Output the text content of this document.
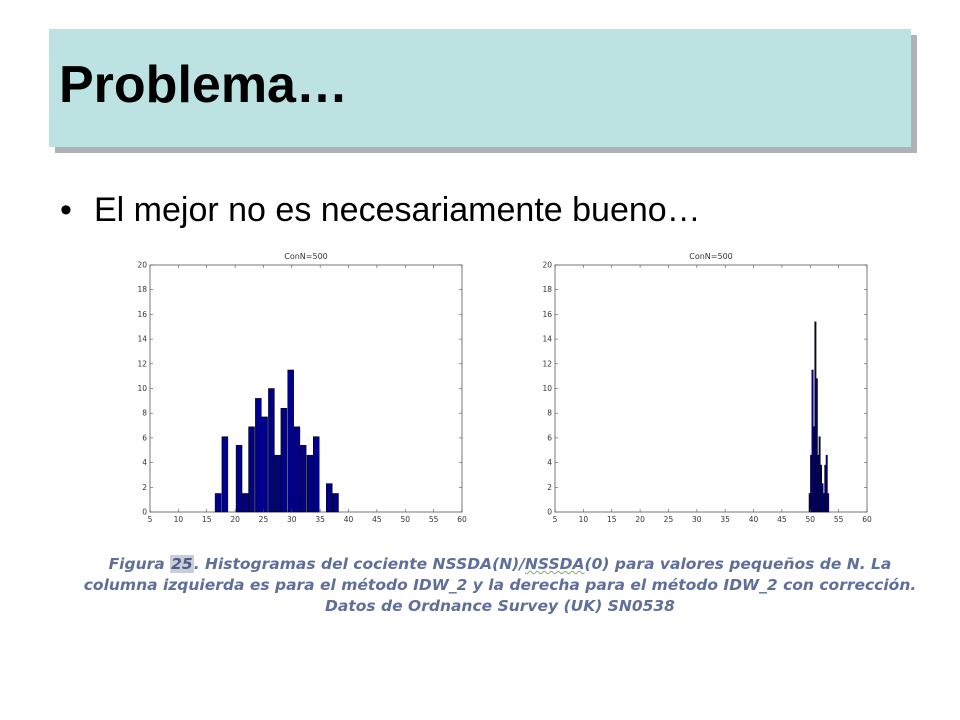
Problema…
• El mejor no es necesariamente bueno…
ConN=500
5	10	15	20	25	30	35	40	45	50	55	60
0
2
4
6
8
10
12
14
16
18
20
ConN=500
5	10	15	20	25	30	35	40	45	50	55	60
0
2
4
6
8
10
12
14
16
18
20
Figura 25. Histogramas del cociente NSSDA(N)/NSSDA(0) para valores pequeños de N. La columna izquierda es para el método IDW_2 y la derecha para el método IDW_2 con corrección. Datos de Ordnance Survey (UK) SN0538
